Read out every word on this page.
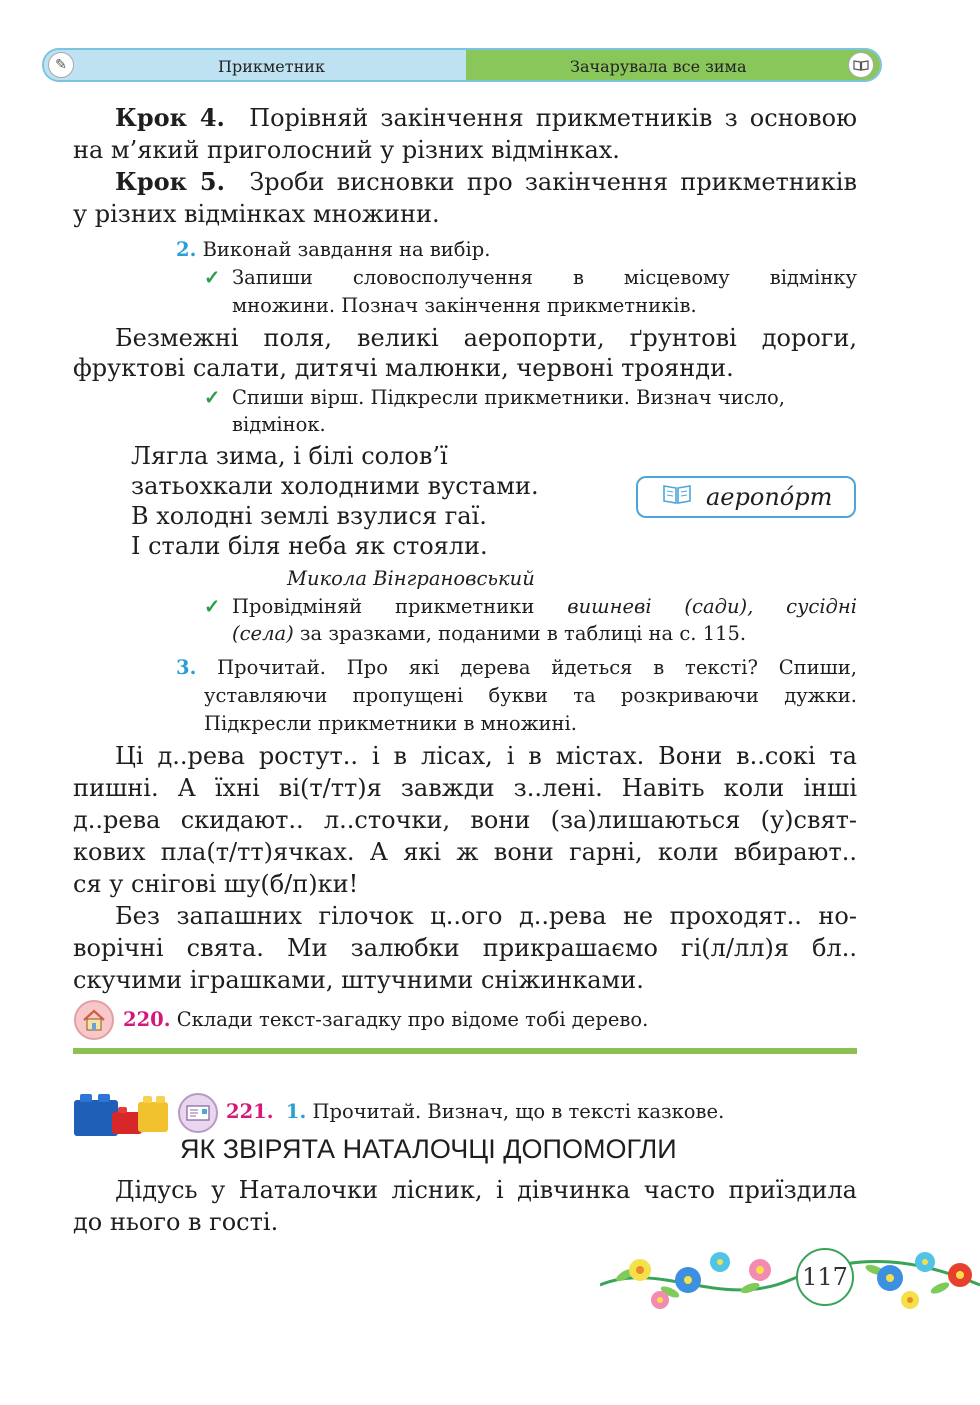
✎	Прикметник	Зачарувала все зима
Крок 4. Порівняй закінчення прикметників з основою
на м’який приголосний у різних відмінках.
Крок 5. Зроби висновки про закінчення прикметників
у різних відмінках множини.
2. Виконай завдання на вибір.
✓ Запиши словосполучення в місцевому відмінку
множини. Познач закінчення прикметників.
Безмежні поля, великі аеропорти, ґрунтові дороги,
фруктові салати, дитячі малюнки, червоні троянди.
✓ Спиши вірш. Підкресли прикметники. Визнач число,
відмінок.
Лягла зима, і білі солов’ї
затьохкали холодними вустами.
В холодні землі взулися гаї.
І стали біля неба як стояли.
Микола Вінграновський
аеропо́рт
✓ Провідміняй прикметники вишневі (сади), сусідні
(села) за зразками, поданими в таблиці на с. 115.
3. Прочитай. Про які дерева йдеться в тексті? Спиши,
уставляючи пропущені букви та розкриваючи дужки.
Підкресли прикметники в множині.
Ці д..рева ростут.. і в лісах, і в містах. Вони в..сокі та
пишні. А їхні ві(т/тт)я завжди з..лені. Навіть коли інші
д..рева скидают.. л..сточки, вони (за)лишаються (у)свят-
кових пла(т/тт)ячках. А які ж вони гарні, коли вбирают..
ся у снігові шу(б/п)ки!
Без запашних гілочок ц..ого д..рева не проходят.. но-
ворічні свята. Ми залюбки прикрашаємо гі(л/лл)я бл..
скучими іграшками, штучними сніжинками.
220. Склади текст-загадку про відоме тобі дерево.
221. 1. Прочитай. Визнач, що в тексті казкове.
ЯК ЗВІРЯТА НАТАЛОЧЦІ ДОПОМОГЛИ
Дідусь у Наталочки лісник, і дівчинка часто приїздила
до нього в гості.
117
